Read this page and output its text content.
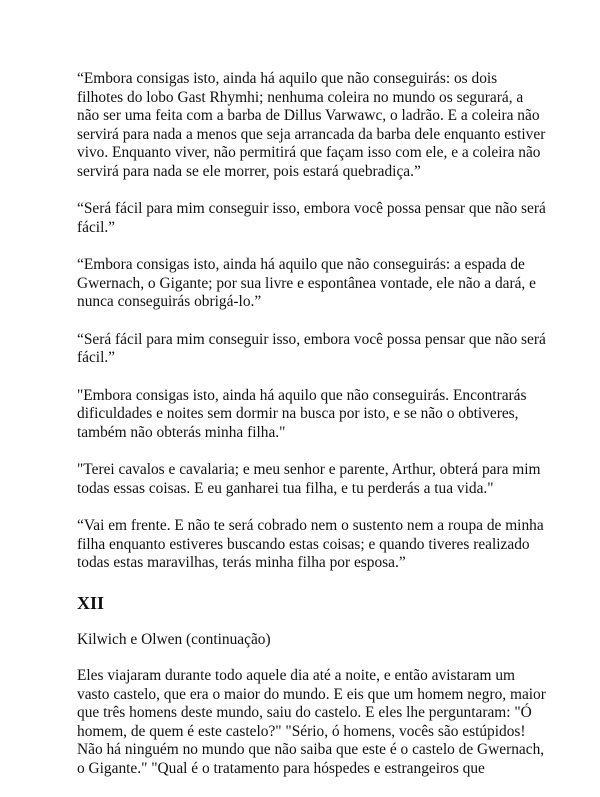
“Embora consigas isto, ainda há aquilo que não conseguirás: os dois
filhotes do lobo Gast Rhymhi; nenhuma coleira no mundo os segurará, a
não ser uma feita com a barba de Dillus Varwawc, o ladrão. E a coleira não
servirá para nada a menos que seja arrancada da barba dele enquanto estiver
vivo. Enquanto viver, não permitirá que façam isso com ele, e a coleira não
servirá para nada se ele morrer, pois estará quebradiça.”

“Será fácil para mim conseguir isso, embora você possa pensar que não será
fácil.”

“Embora consigas isto, ainda há aquilo que não conseguirás: a espada de
Gwernach, o Gigante; por sua livre e espontânea vontade, ele não a dará, e
nunca conseguirás obrigá-lo.”

“Será fácil para mim conseguir isso, embora você possa pensar que não será
fácil.”

"Embora consigas isto, ainda há aquilo que não conseguirás. Encontrarás
dificuldades e noites sem dormir na busca por isto, e se não o obtiveres,
também não obterás minha filha."

"Terei cavalos e cavalaria; e meu senhor e parente, Arthur, obterá para mim
todas essas coisas. E eu ganharei tua filha, e tu perderás a tua vida."

“Vai em frente. E não te será cobrado nem o sustento nem a roupa de minha
filha enquanto estiveres buscando estas coisas; e quando tiveres realizado
todas estas maravilhas, terás minha filha por esposa.”

XII

Kilwich e Olwen (continuação)

Eles viajaram durante todo aquele dia até a noite, e então avistaram um
vasto castelo, que era o maior do mundo. E eis que um homem negro, maior
que três homens deste mundo, saiu do castelo. E eles lhe perguntaram: "Ó
homem, de quem é este castelo?" "Sério, ó homens, vocês são estúpidos!
Não há ninguém no mundo que não saiba que este é o castelo de Gwernach,
o Gigante." "Qual é o tratamento para hóspedes e estrangeiros que
